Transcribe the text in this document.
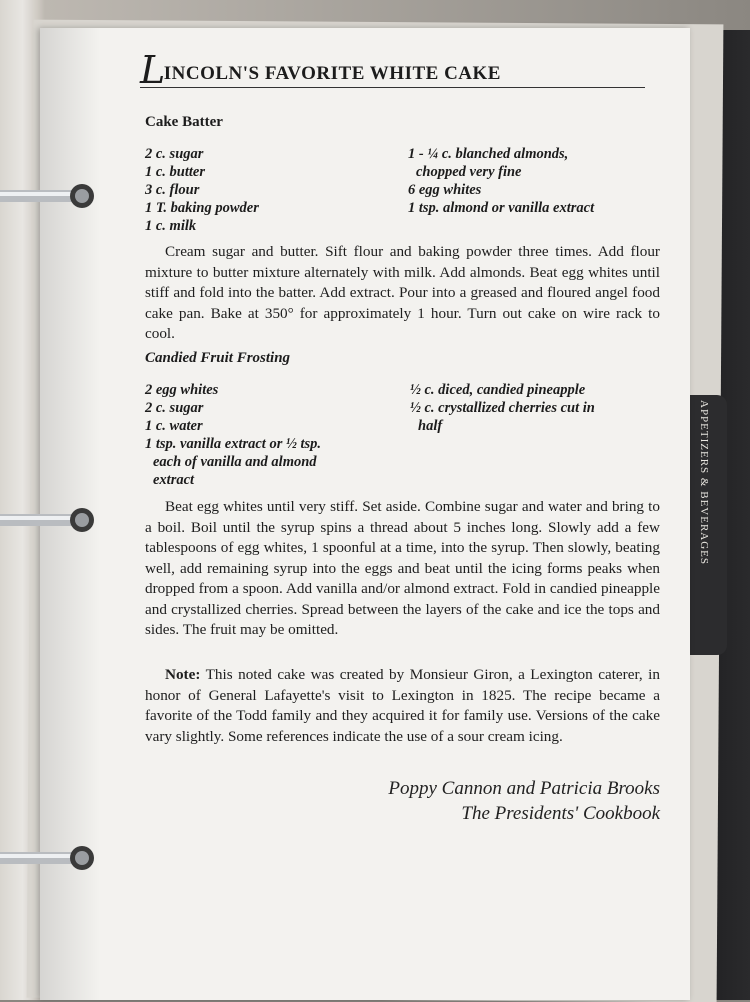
APPETIZERS & BEVERAGES
LINCOLN'S FAVORITE WHITE CAKE
Cake Batter
2 c. sugar
1 c. butter
3 c. flour
1 T. baking powder
1 c. milk
1 - ¼ c. blanched almonds,
chopped very fine
6 egg whites
1 tsp. almond or vanilla extract
Cream sugar and butter. Sift flour and baking powder three times. Add flour mixture to butter mixture alternately with milk. Add almonds. Beat egg whites until stiff and fold into the batter. Add extract. Pour into a greased and floured angel food cake pan. Bake at 350° for approximately 1 hour. Turn out cake on wire rack to cool.
Candied Fruit Frosting
2 egg whites
2 c. sugar
1 c. water
1 tsp. vanilla extract or ½ tsp.
each of vanilla and almond
extract
½ c. diced, candied pineapple
½ c. crystallized cherries cut in
half
Beat egg whites until very stiff. Set aside. Combine sugar and water and bring to a boil. Boil until the syrup spins a thread about 5 inches long. Slowly add a few tablespoons of egg whites, 1 spoonful at a time, into the syrup. Then slowly, beating well, add remaining syrup into the eggs and beat until the icing forms peaks when dropped from a spoon. Add vanilla and/or almond extract. Fold in candied pineapple and crystallized cherries. Spread between the layers of the cake and ice the tops and sides. The fruit may be omitted.
Note: This noted cake was created by Monsieur Giron, a Lexington caterer, in honor of General Lafayette's visit to Lexington in 1825. The recipe became a favorite of the Todd family and they acquired it for family use. Versions of the cake vary slightly. Some references indicate the use of a sour cream icing.
Poppy Cannon and Patricia Brooks
The Presidents' Cookbook
